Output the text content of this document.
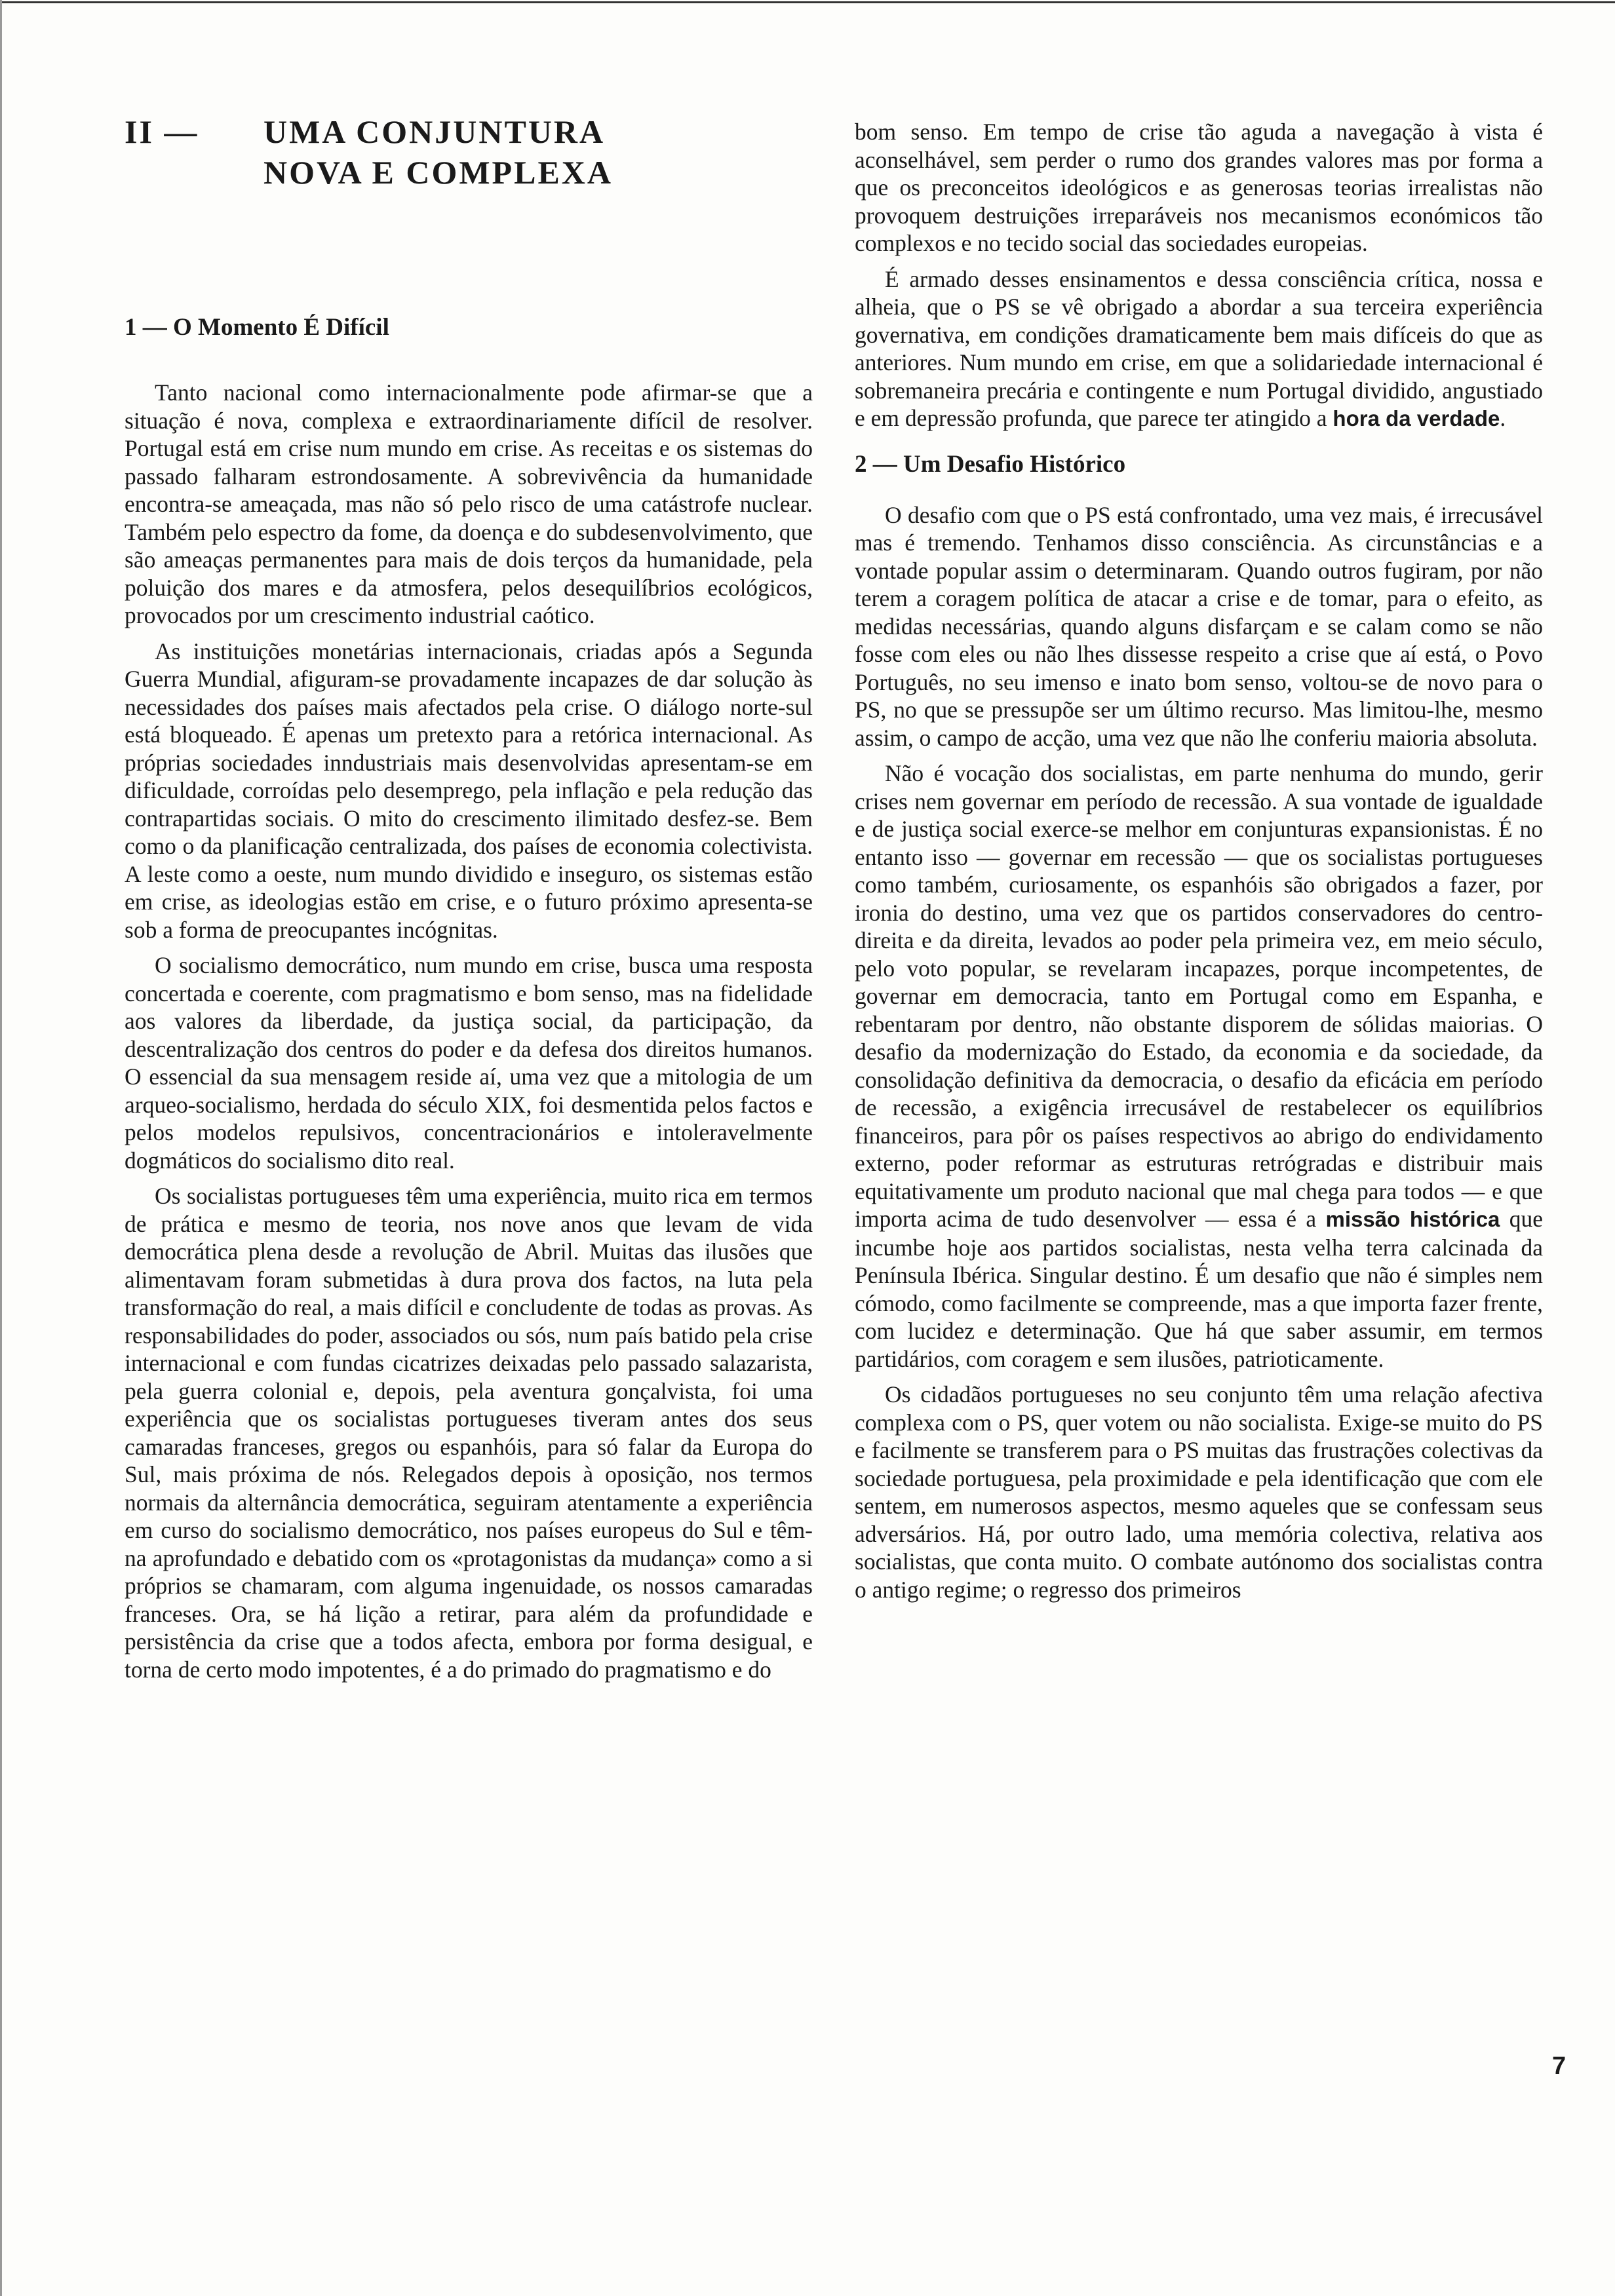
II —	UMA CONJUNTURA
NOVA E COMPLEXA
1 — O Momento É Difícil

Tanto nacional como internacionalmente pode afirmar-se que a situação é nova, complexa e extraordinariamente difícil de resolver. Portugal está em crise num mundo em crise. As receitas e os sistemas do passado falharam estrondosamente. A sobrevivência da humanidade encontra-se ameaçada, mas não só pelo risco de uma catástrofe nuclear. Também pelo espectro da fome, da doença e do subdesenvolvimento, que são ameaças permanentes para mais de dois terços da humanidade, pela poluição dos mares e da atmosfera, pelos desequilíbrios ecológicos, provocados por um crescimento industrial caótico.

As instituições monetárias internacionais, criadas após a Segunda Guerra Mundial, afiguram-se provadamente incapazes de dar solução às necessidades dos países mais afectados pela crise. O diálogo norte-sul está bloqueado. É apenas um pretexto para a retórica internacional. As próprias sociedades inndustriais mais desenvolvidas apresentam-se em dificuldade, corroídas pelo desemprego, pela inflação e pela redução das contrapartidas sociais. O mito do crescimento ilimitado desfez-se. Bem como o da planificação centralizada, dos países de economia colectivista. A leste como a oeste, num mundo dividido e inseguro, os sistemas estão em crise, as ideologias estão em crise, e o futuro próximo apresenta-se sob a forma de preocupantes incógnitas.

O socialismo democrático, num mundo em crise, busca uma resposta concertada e coerente, com pragmatismo e bom senso, mas na fidelidade aos valores da liberdade, da justiça social, da participação, da descentralização dos centros do poder e da defesa dos direitos humanos. O essencial da sua mensagem reside aí, uma vez que a mitologia de um arqueo-socialismo, herdada do século XIX, foi desmentida pelos factos e pelos modelos repulsivos, concentracionários e intoleravelmente dogmáticos do socialismo dito real.

Os socialistas portugueses têm uma experiência, muito rica em termos de prática e mesmo de teoria, nos nove anos que levam de vida democrática plena desde a revolução de Abril. Muitas das ilusões que alimentavam foram submetidas à dura prova dos factos, na luta pela transformação do real, a mais difícil e concludente de todas as provas. As responsabilidades do poder, associados ou sós, num país batido pela crise internacional e com fundas cicatrizes deixadas pelo passado salazarista, pela guerra colonial e, depois, pela aventura gonçalvista, foi uma experiência que os socialistas portugueses tiveram antes dos seus camaradas franceses, gregos ou espanhóis, para só falar da Europa do Sul, mais próxima de nós. Relegados depois à oposição, nos termos normais da alternância democrática, seguiram atentamente a experiência em curso do socialismo democrático, nos países europeus do Sul e têm-na aprofundado e debatido com os «protagonistas da mudança» como a si próprios se chamaram, com alguma ingenuidade, os nossos camaradas franceses. Ora, se há lição a retirar, para além da profundidade e persistência da crise que a todos afecta, embora por forma desigual, e torna de certo modo impotentes, é a do primado do pragmatismo e do

bom senso. Em tempo de crise tão aguda a navegação à vista é aconselhável, sem perder o rumo dos grandes valores mas por forma a que os preconceitos ideológicos e as generosas teorias irrealistas não provoquem destruições irreparáveis nos mecanismos económicos tão complexos e no tecido social das sociedades europeias.

É armado desses ensinamentos e dessa consciência crítica, nossa e alheia, que o PS se vê obrigado a abordar a sua terceira experiência governativa, em condições dramaticamente bem mais difíceis do que as anteriores. Num mundo em crise, em que a solidariedade internacional é sobremaneira precária e contingente e num Portugal dividido, angustiado e em depressão profunda, que parece ter atingido a hora da verdade.

2 — Um Desafio Histórico

O desafio com que o PS está confrontado, uma vez mais, é irrecusável mas é tremendo. Tenhamos disso consciência. As circunstâncias e a vontade popular assim o determinaram. Quando outros fugiram, por não terem a coragem política de atacar a crise e de tomar, para o efeito, as medidas necessárias, quando alguns disfarçam e se calam como se não fosse com eles ou não lhes dissesse respeito a crise que aí está, o Povo Português, no seu imenso e inato bom senso, voltou-se de novo para o PS, no que se pressupõe ser um último recurso. Mas limitou-lhe, mesmo assim, o campo de acção, uma vez que não lhe conferiu maioria absoluta.

Não é vocação dos socialistas, em parte nenhuma do mundo, gerir crises nem governar em período de recessão. A sua vontade de igualdade e de justiça social exerce-se melhor em conjunturas expansionistas. É no entanto isso — governar em recessão — que os socialistas portugueses como também, curiosamente, os espanhóis são obrigados a fazer, por ironia do destino, uma vez que os partidos conservadores do centro-direita e da direita, levados ao poder pela primeira vez, em meio século, pelo voto popular, se revelaram incapazes, porque incompetentes, de governar em democracia, tanto em Portugal como em Espanha, e rebentaram por dentro, não obstante disporem de sólidas maiorias. O desafio da modernização do Estado, da economia e da sociedade, da consolidação definitiva da democracia, o desafio da eficácia em período de recessão, a exigência irrecusável de restabelecer os equilíbrios financeiros, para pôr os países respectivos ao abrigo do endividamento externo, poder reformar as estruturas retrógradas e distribuir mais equitativamente um produto nacional que mal chega para todos — e que importa acima de tudo desenvolver — essa é a missão histórica que incumbe hoje aos partidos socialistas, nesta velha terra calcinada da Península Ibérica. Singular destino. É um desafio que não é simples nem cómodo, como facilmente se compreende, mas a que importa fazer frente, com lucidez e determinação. Que há que saber assumir, em termos partidários, com coragem e sem ilusões, patrioticamente.

Os cidadãos portugueses no seu conjunto têm uma relação afectiva complexa com o PS, quer votem ou não socialista. Exige-se muito do PS e facilmente se transferem para o PS muitas das frustrações colectivas da sociedade portuguesa, pela proximidade e pela identificação que com ele sentem, em numerosos aspectos, mesmo aqueles que se confessam seus adversários. Há, por outro lado, uma memória colectiva, relativa aos socialistas, que conta muito. O combate autónomo dos socialistas contra o antigo regime; o regresso dos primeiros

7
